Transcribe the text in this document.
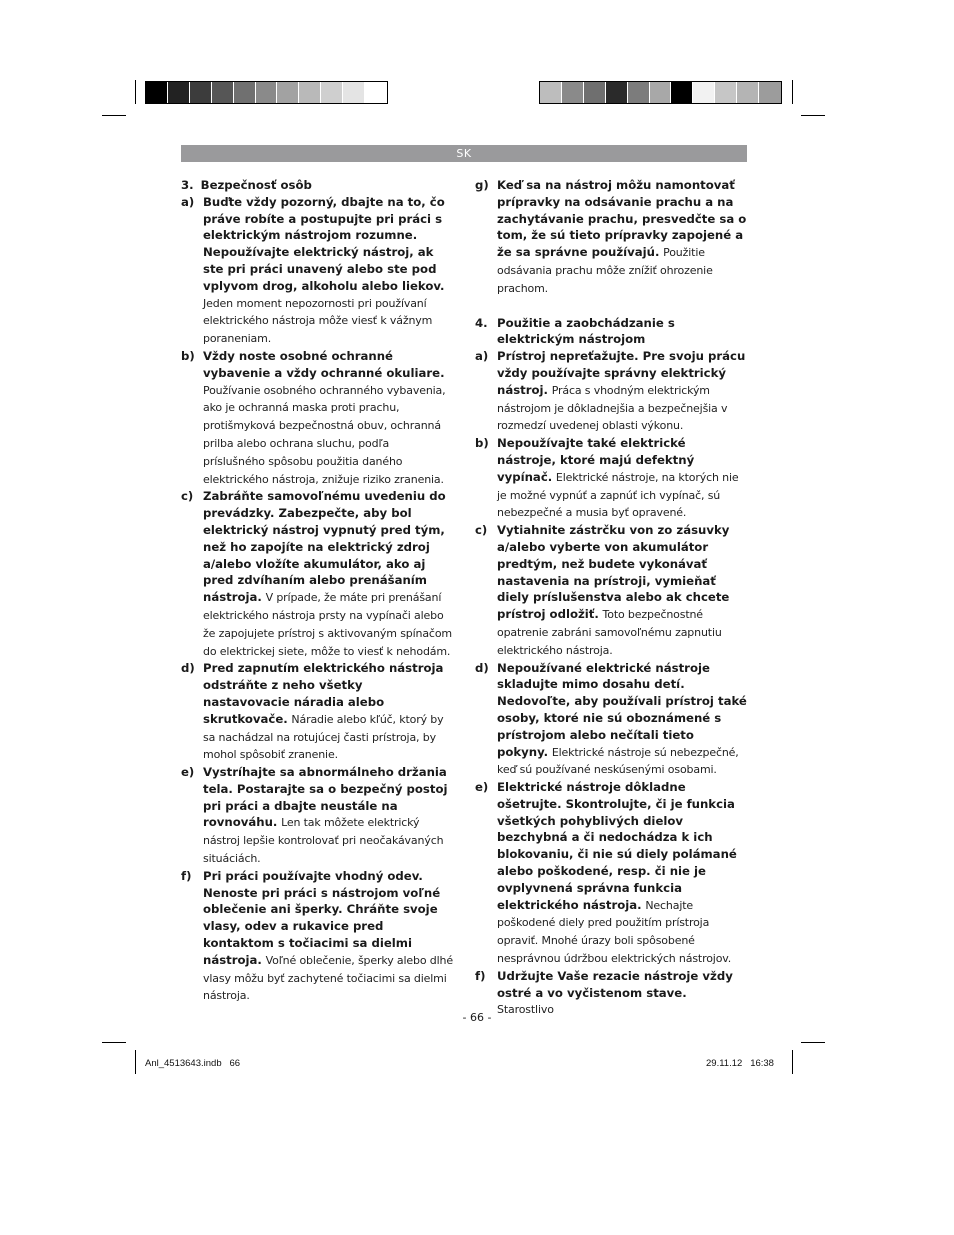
SK

3. Bezpečnosť osôb

a) Buďte vždy pozorný, dbajte na to, čo práve robíte a postupujte pri práci s elektrickým nástrojom rozumne. Nepoužívajte elektrický nástroj, ak ste pri práci unavený alebo ste pod vplyvom drog, alkoholu alebo liekov. Jeden moment nepozornosti pri používaní elektrického nástroja môže viesť k vážnym poraneniam.
b) Vždy noste osobné ochranné vybavenie a vždy ochranné okuliare. Používanie osobného ochranného vybavenia, ako je ochranná maska proti prachu, protišmyková bezpečnostná obuv, ochranná prilba alebo ochrana sluchu, podľa príslušného spôsobu použitia daného elektrického nástroja, znižuje riziko zranenia.
c) Zabráňte samovoľnému uvedeniu do prevádzky. Zabezpečte, aby bol elektrický nástroj vypnutý pred tým, než ho zapojíte na elektrický zdroj a/alebo vložíte akumulátor, ako aj pred zdvíhaním alebo prenášaním nástroja. V prípade, že máte pri prenášaní elektrického nástroja prsty na vypínači alebo že zapojujete prístroj s aktivovaným spínačom do elektrickej siete, môže to viesť k nehodám.
d) Pred zapnutím elektrického nástroja odstráňte z neho všetky nastavovacie náradia alebo skrutkovače. Náradie alebo kľúč, ktorý by sa nachádzal na rotujúcej časti prístroja, by mohol spôsobiť zranenie.
e) Vystríhajte sa abnormálneho držania tela. Postarajte sa o bezpečný postoj pri práci a dbajte neustále na rovnováhu. Len tak môžete elektrický nástroj lepšie kontrolovať pri neočakávaných situáciách.
f) Pri práci používajte vhodný odev. Nenoste pri práci s nástrojom voľné oblečenie ani šperky. Chráňte svoje vlasy, odev a rukavice pred kontaktom s točiacimi sa dielmi nástroja. Voľné oblečenie, šperky alebo dlhé vlasy môžu byť zachytené točiacimi sa dielmi nástroja.
g) Keď sa na nástroj môžu namontovať prípravky na odsávanie prachu a na zachytávanie prachu, presvedčte sa o tom, že sú tieto prípravky zapojené a že sa správne používajú. Použitie odsávania prachu môže znížiť ohrozenie prachom.
4. Použitie a zaobchádzanie s elektrickým nástrojom
a) Prístroj nepreťažujte. Pre svoju prácu vždy používajte správny elektrický nástroj. Práca s vhodným elektrickým nástrojom je dôkladnejšia a bezpečnejšia v rozmedzí uvedenej oblasti výkonu.
b) Nepoužívajte také elektrické nástroje, ktoré majú defektný vypínač. Elektrické nástroje, na ktorých nie je možné vypnúť a zapnúť ich vypínač, sú nebezpečné a musia byť opravené.
c) Vytiahnite zástrčku von zo zásuvky a/alebo vyberte von akumulátor predtým, než budete vykonávať nastavenia na prístroji, vymieňať diely príslušenstva alebo ak chcete prístroj odložiť. Toto bezpečnostné opatrenie zabráni samovoľnému zapnutiu elektrického nástroja.
d) Nepoužívané elektrické nástroje skladujte mimo dosahu detí. Nedovoľte, aby používali prístroj také osoby, ktoré nie sú oboznámené s prístrojom alebo nečítali tieto pokyny. Elektrické nástroje sú nebezpečné, keď sú používané neskúsenými osobami.
e) Elektrické nástroje dôkladne ošetrujte. Skontrolujte, či je funkcia všetkých pohyblivých dielov bezchybná a či nedochádza k ich blokovaniu, či nie sú diely polámané alebo poškodené, resp. či nie je ovplyvnená správna funkcia elektrického nástroja. Nechajte poškodené diely pred použitím prístroja opraviť. Mnohé úrazy boli spôsobené nesprávnou údržbou elektrických nástrojov.
f) Udržujte Vaše rezacie nástroje vždy ostré a vo vyčistenom stave. Starostlivo
- 66 -
Anl_4513643.indb   66	29.11.12   16:38
